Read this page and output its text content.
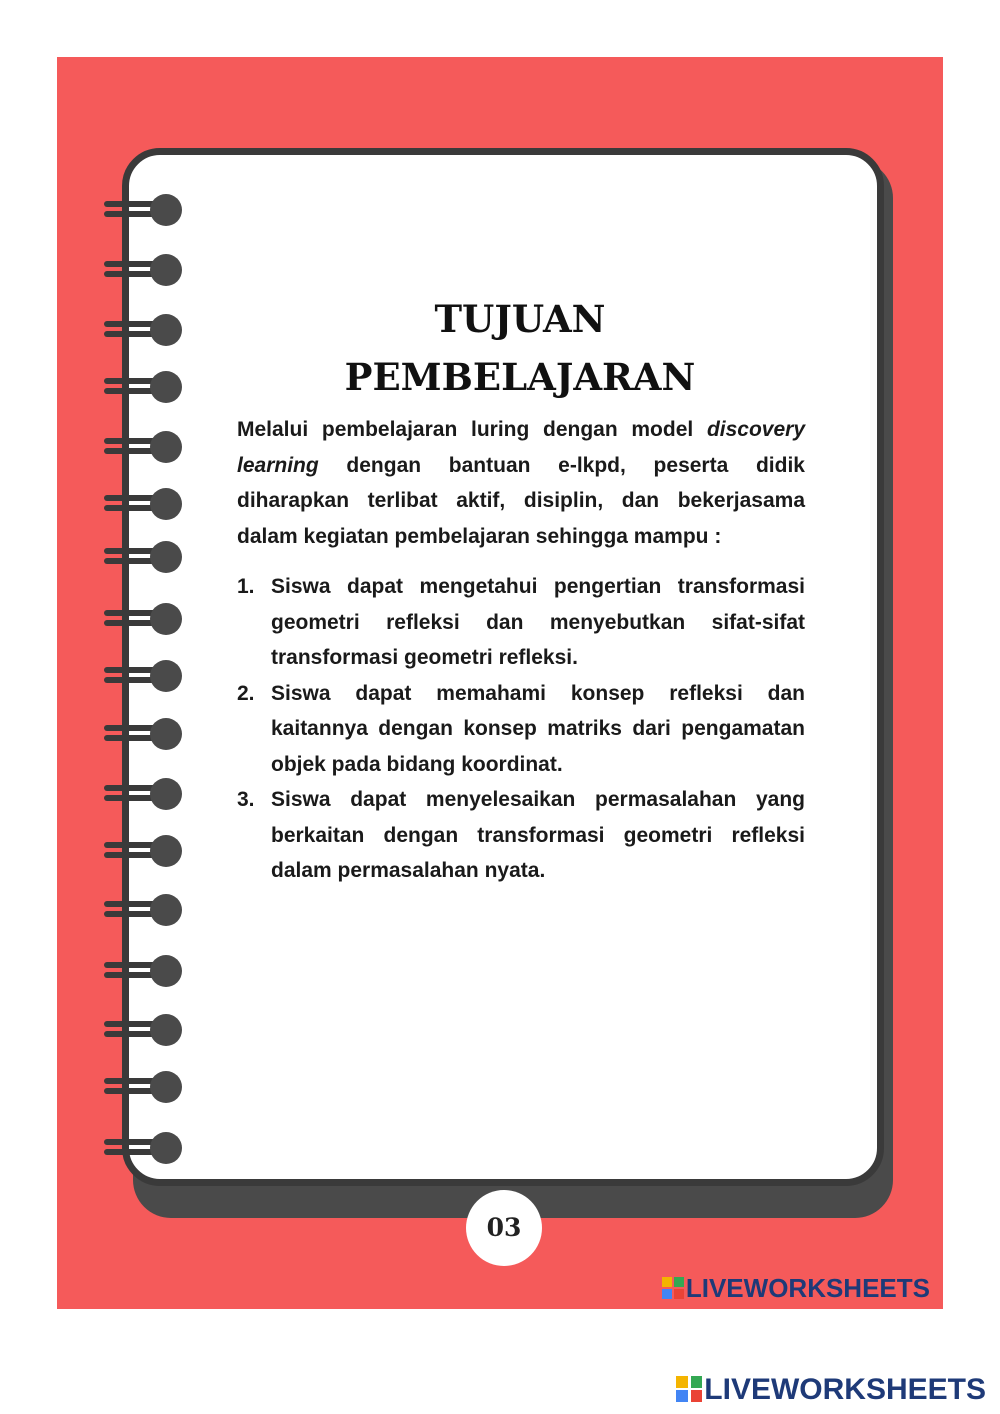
TUJUAN
PEMBELAJARAN

Melalui pembelajaran luring dengan model discovery learning dengan bantuan e-lkpd, peserta didik diharapkan terlibat aktif, disiplin, dan bekerjasama dalam kegiatan pembelajaran sehingga mampu :

1. Siswa dapat mengetahui pengertian transformasi geometri refleksi dan menyebutkan sifat-sifat transformasi geometri refleksi.
2. Siswa dapat memahami konsep refleksi dan kaitannya dengan konsep matriks dari pengamatan objek pada bidang koordinat.
3. Siswa dapat menyelesaikan permasalahan yang berkaitan dengan transformasi geometri refleksi dalam permasalahan nyata.
03
LIVEWORKSHEETS
LIVEWORKSHEETS
